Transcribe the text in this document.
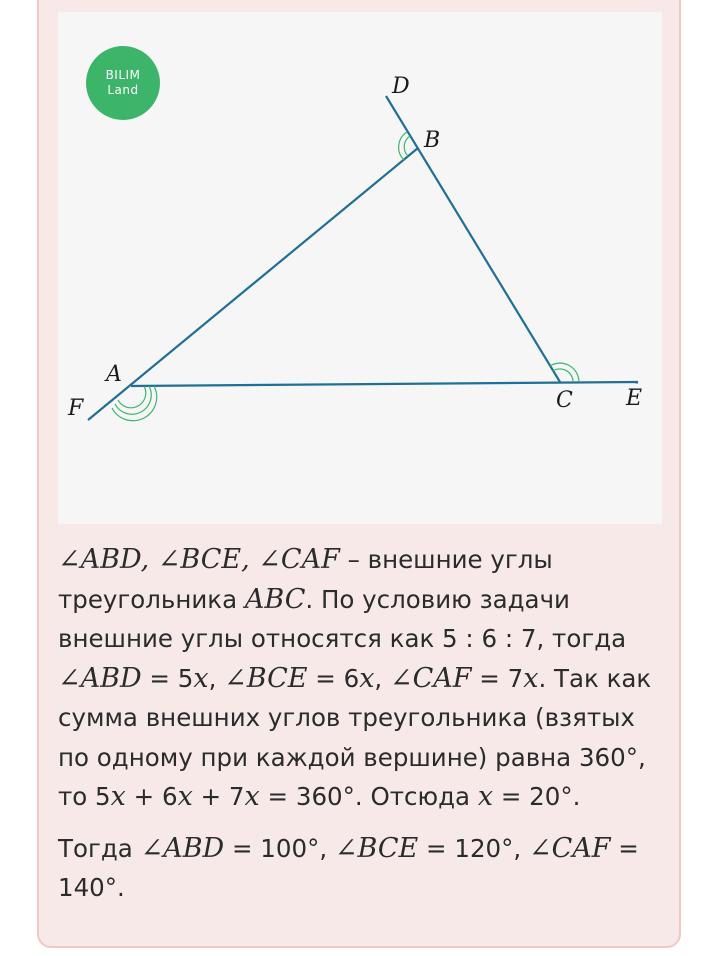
BILIM
Land	D
B
A
F	C E

∠ABD, ∠BCE, ∠CAF – внешние углы треугольника ABC. По условию задачи внешние углы относятся как 5 : 6 : 7, тогда ∠ABD = 5x, ∠BCE = 6x, ∠CAF = 7x. Так как сумма внешних углов треугольника (взятых по одному при каждой вершине) равна 360°, то 5x + 6x + 7x = 360°. Отсюда x = 20°.

Тогда ∠ABD = 100°, ∠BCE = 120°, ∠CAF = 140°.
